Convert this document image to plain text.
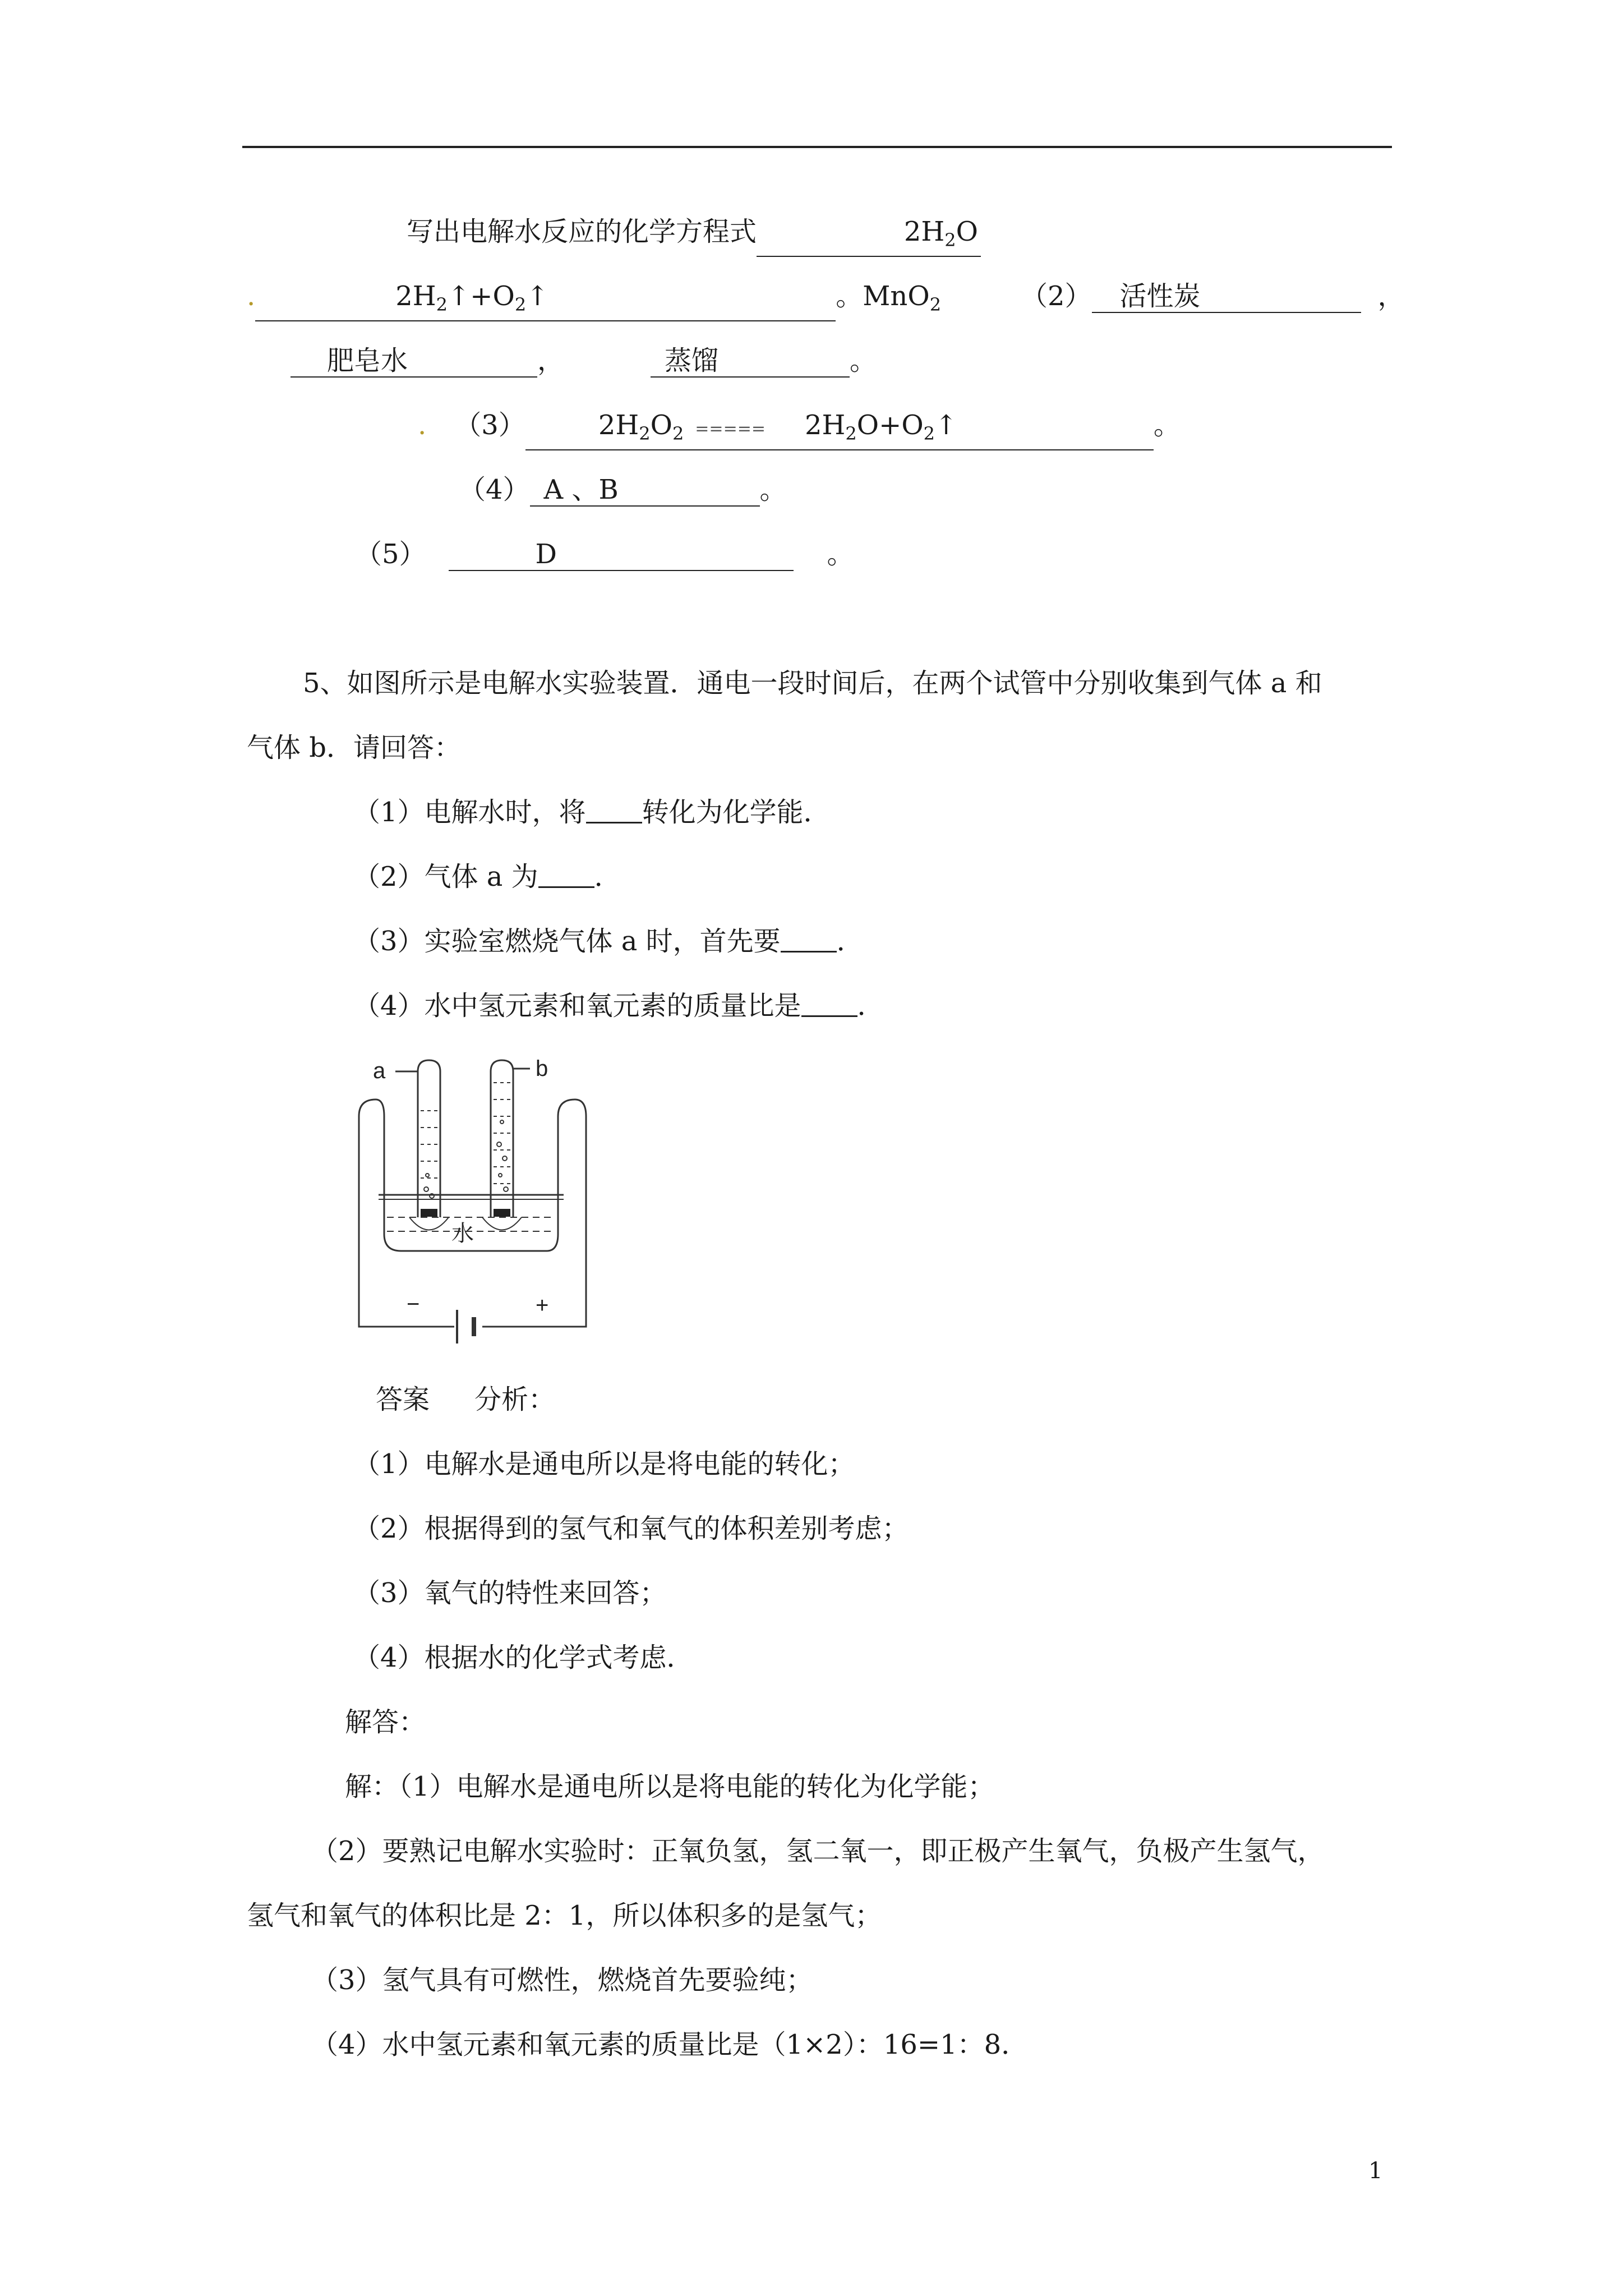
写出电解水反应的化学方程式	$2H_2O$
.	$2H_2↑+O_2↑$	。MnO$_2$	（2） 活性炭	，
肥皂水	，	蒸馏	。
. （3）	$2H_2O_2$ ===== $2H_2O+O_2↑$	。
（4） A 、B	。
（5）	D	。
5、如图所示是电解水实验装置．通电一段时间后，在两个试管中分别收集到气体 a 和
气体 b．请回答：
（1）电解水时，将 转化为化学能．
（2）气体 a 为 ．
（3）实验室燃烧气体 a 时，首先要 ．
（4）水中氢元素和氧元素的质量比是 ．
a	b
水
−	+
答案 分析：
（1）电解水是通电所以是将电能的转化；
（2）根据得到的氢气和氧气的体积差别考虑；
（3）氧气的特性来回答；
（4）根据水的化学式考虑．
解答：
解：（1）电解水是通电所以是将电能的转化为化学能；
（2）要熟记电解水实验时：正氧负氢，氢二氧一，即正极产生氧气，负极产生氢气，
氢气和氧气的体积比是 2：1，所以体积多的是氢气；
（3）氢气具有可燃性，燃烧首先要验纯；
（4）水中氢元素和氧元素的质量比是（1×2）：16=1：8．
1
